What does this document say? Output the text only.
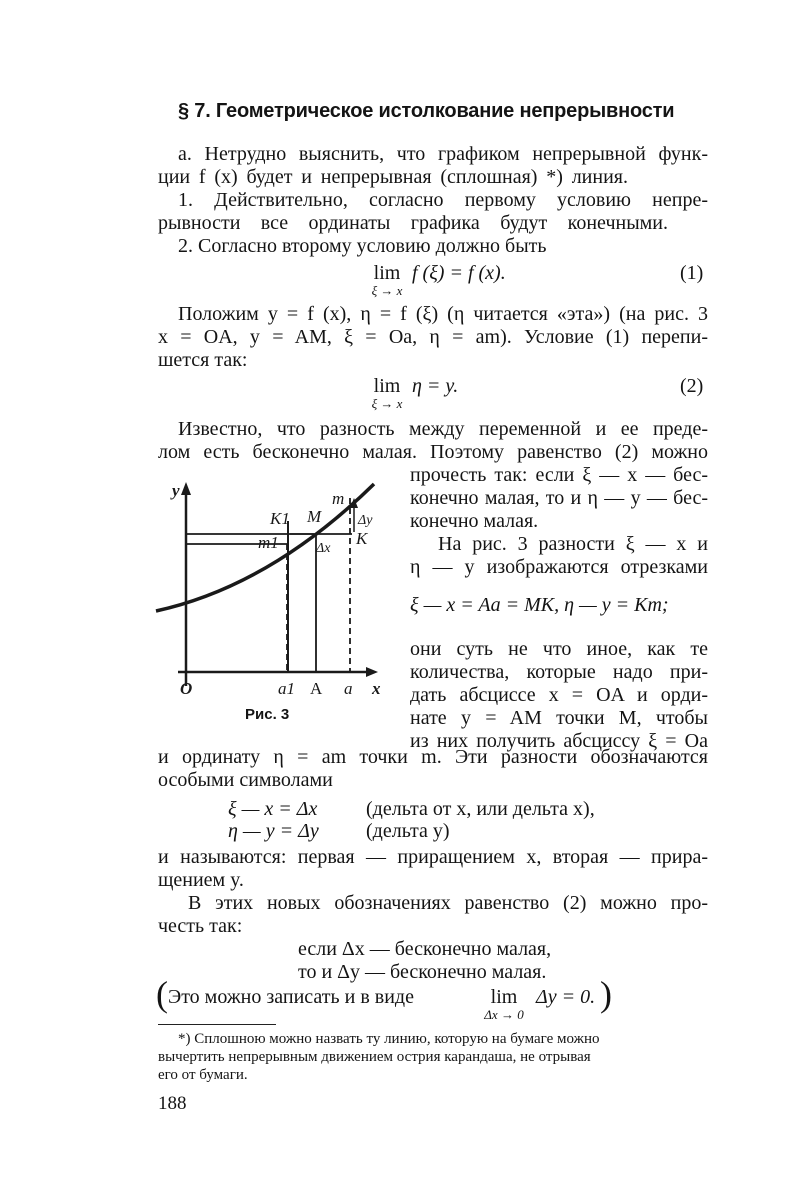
§ 7. Геометрическое истолкование непрерывности
а. Нетрудно выяснить, что графиком непрерывной функ-
ции f (x) будет и непрерывная (сплошная) *) линия.
1. Действительно, согласно первому условию непре-
рывности все ординаты графика будут конечными.
2. Согласно второму условию должно быть
lim
ξ → x
f (ξ) = f (x).	(1)
Положим y = f (x), η = f (ξ) (η читается «эта») (на рис. 3
x = OA, y = AM, ξ = Oa, η = am). Условие (1) перепи-
шется так:
lim
ξ → x
η = y.	(2)
Известно, что разность между переменной и ее преде-
лом есть бесконечно малая. Поэтому равенство (2) можно
прочесть так: если ξ — x — бес-
конечно малая, то и η — y — бес-
конечно малая.
На рис. 3 разности ξ — x и
η — y изображаются отрезками
ξ — x = Aa = MK, η — y = Km;
они суть не что иное, как те
количества, которые надо при-
дать абсциссе x = OA и орди-
нате y = AM точки M, чтобы
из них получить абсциссу ξ = Oa
y
x
O	a1 A a
K1 M
m
m1	K
Δx
Δy
Рис. 3
и ординату η = am точки m. Эти разности обозначаются
особыми символами
ξ — x = Δx (дельта от x, или дельта x),
η — y = Δy (дельта y)
и называются: первая — приращением x, вторая — прира-
щением y.
В этих новых обозначениях равенство (2) можно про-
честь так:
если Δx — бесконечно малая,
то и Δy — бесконечно малая.
( Это можно записать и в виде	lim
Δx → 0
Δy = 0. )
*) Сплошною можно назвать ту линию, которую на бумаге можно
вычертить непрерывным движением острия карандаша, не отрывая
его от бумаги.
188
